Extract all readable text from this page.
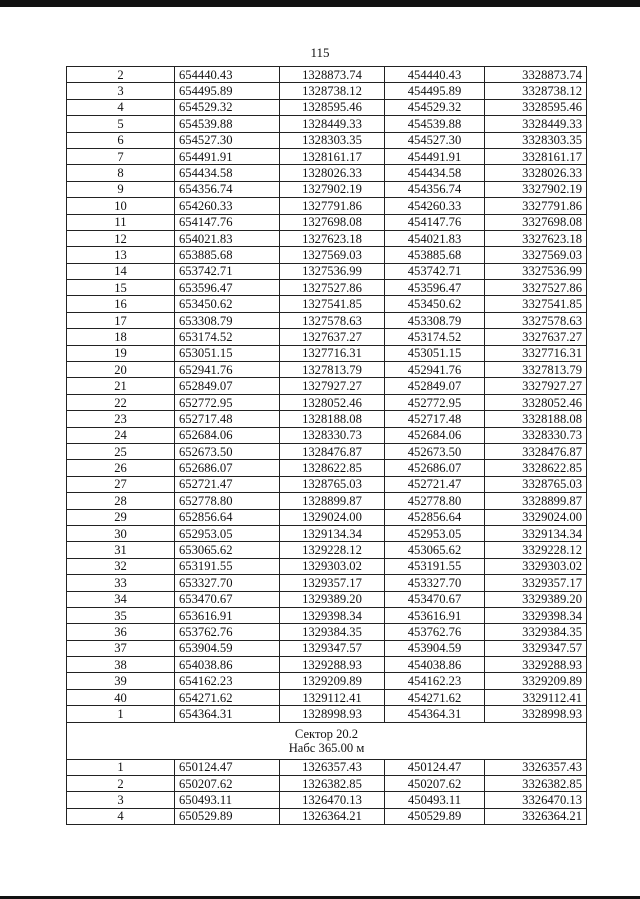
115
2	654440.43	1328873.74	454440.43	3328873.74
3	654495.89	1328738.12	454495.89	3328738.12
4	654529.32	1328595.46	454529.32	3328595.46
5	654539.88	1328449.33	454539.88	3328449.33
6	654527.30	1328303.35	454527.30	3328303.35
7	654491.91	1328161.17	454491.91	3328161.17
8	654434.58	1328026.33	454434.58	3328026.33
9	654356.74	1327902.19	454356.74	3327902.19
10	654260.33	1327791.86	454260.33	3327791.86
11	654147.76	1327698.08	454147.76	3327698.08
12	654021.83	1327623.18	454021.83	3327623.18
13	653885.68	1327569.03	453885.68	3327569.03
14	653742.71	1327536.99	453742.71	3327536.99
15	653596.47	1327527.86	453596.47	3327527.86
16	653450.62	1327541.85	453450.62	3327541.85
17	653308.79	1327578.63	453308.79	3327578.63
18	653174.52	1327637.27	453174.52	3327637.27
19	653051.15	1327716.31	453051.15	3327716.31
20	652941.76	1327813.79	452941.76	3327813.79
21	652849.07	1327927.27	452849.07	3327927.27
22	652772.95	1328052.46	452772.95	3328052.46
23	652717.48	1328188.08	452717.48	3328188.08
24	652684.06	1328330.73	452684.06	3328330.73
25	652673.50	1328476.87	452673.50	3328476.87
26	652686.07	1328622.85	452686.07	3328622.85
27	652721.47	1328765.03	452721.47	3328765.03
28	652778.80	1328899.87	452778.80	3328899.87
29	652856.64	1329024.00	452856.64	3329024.00
30	652953.05	1329134.34	452953.05	3329134.34
31	653065.62	1329228.12	453065.62	3329228.12
32	653191.55	1329303.02	453191.55	3329303.02
33	653327.70	1329357.17	453327.70	3329357.17
34	653470.67	1329389.20	453470.67	3329389.20
35	653616.91	1329398.34	453616.91	3329398.34
36	653762.76	1329384.35	453762.76	3329384.35
37	653904.59	1329347.57	453904.59	3329347.57
38	654038.86	1329288.93	454038.86	3329288.93
39	654162.23	1329209.89	454162.23	3329209.89
40	654271.62	1329112.41	454271.62	3329112.41
1	654364.31	1328998.93	454364.31	3328998.93

Сектор 20.2
Набс 365.00 м				

1	650124.47	1326357.43	450124.47	3326357.43
2	650207.62	1326382.85	450207.62	3326382.85
3	650493.11	1326470.13	450493.11	3326470.13
4	650529.89	1326364.21	450529.89	3326364.21
